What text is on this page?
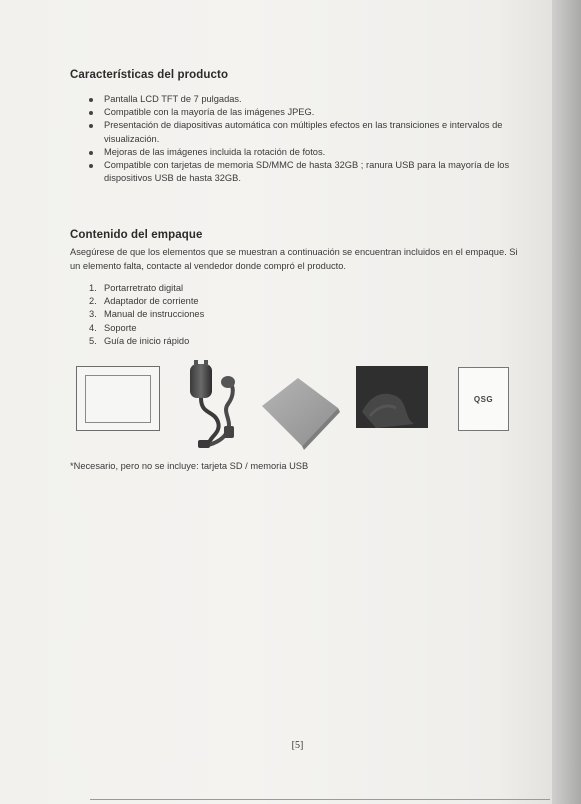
Características del producto
Pantalla LCD TFT de 7 pulgadas.
Compatible con la mayoría de las imágenes JPEG.
Presentación de diapositivas automática con múltiples efectos en las transiciones e intervalos de visualización.
Mejoras de las imágenes incluida la rotación de fotos.
Compatible con tarjetas de memoria SD/MMC de hasta 32GB ; ranura USB para la mayoría de los dispositivos USB de hasta 32GB.
Contenido del empaque

Asegúrese de que los elementos que se muestran a continuación se encuentran incluidos en el empaque. Si un elemento falta, contacte al vendedor donde compró el producto.

1. Portarretrato digital
2. Adaptador de corriente
3. Manual de instrucciones
4. Soporte
5. Guía de inicio rápido
QSG

*Necesario, pero no se incluye: tarjeta SD / memoria USB

[5]
